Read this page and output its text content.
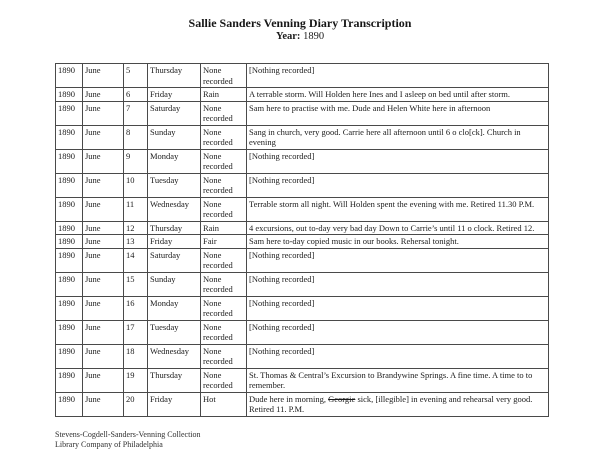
Sallie Sanders Venning Diary Transcription
Year: 1890
1890	June	5	Thursday	None recorded	[Nothing recorded]
1890	June	6	Friday	Rain	A terrable storm. Will Holden here Ines and I asleep on bed until after storm.
1890	June	7	Saturday	None recorded	Sam here to practise with me. Dude and Helen White here in afternoon
1890	June	8	Sunday	None recorded	Sang in church, very good. Carrie here all afternoon until 6 o clo[ck]. Church in evening
1890	June	9	Monday	None recorded	[Nothing recorded]
1890	June	10	Tuesday	None recorded	[Nothing recorded]
1890	June	11	Wednesday	None recorded	Terrable storm all night. Will Holden spent the evening with me. Retired 11.30 P.M.
1890	June	12	Thursday	Rain	4 excursions, out to-day very bad day Down to Carrie’s until 11 o clock. Retired 12.
1890	June	13	Friday	Fair	Sam here to-day copied music in our books. Rehersal tonight.
1890	June	14	Saturday	None recorded	[Nothing recorded]
1890	June	15	Sunday	None recorded	[Nothing recorded]
1890	June	16	Monday	None recorded	[Nothing recorded]
1890	June	17	Tuesday	None recorded	[Nothing recorded]
1890	June	18	Wednesday	None recorded	[Nothing recorded]
1890	June	19	Thursday	None recorded	St. Thomas & Central’s Excursion to Brandywine Springs. A fine time. A time to to remember.
1890	June	20	Friday	Hot	Dude here in morning, Georgie sick, [illegible] in evening and rehearsal very good. Retired 11. P.M.
Stevens-Cogdell-Sanders-Venning Collection
Library Company of Philadelphia
